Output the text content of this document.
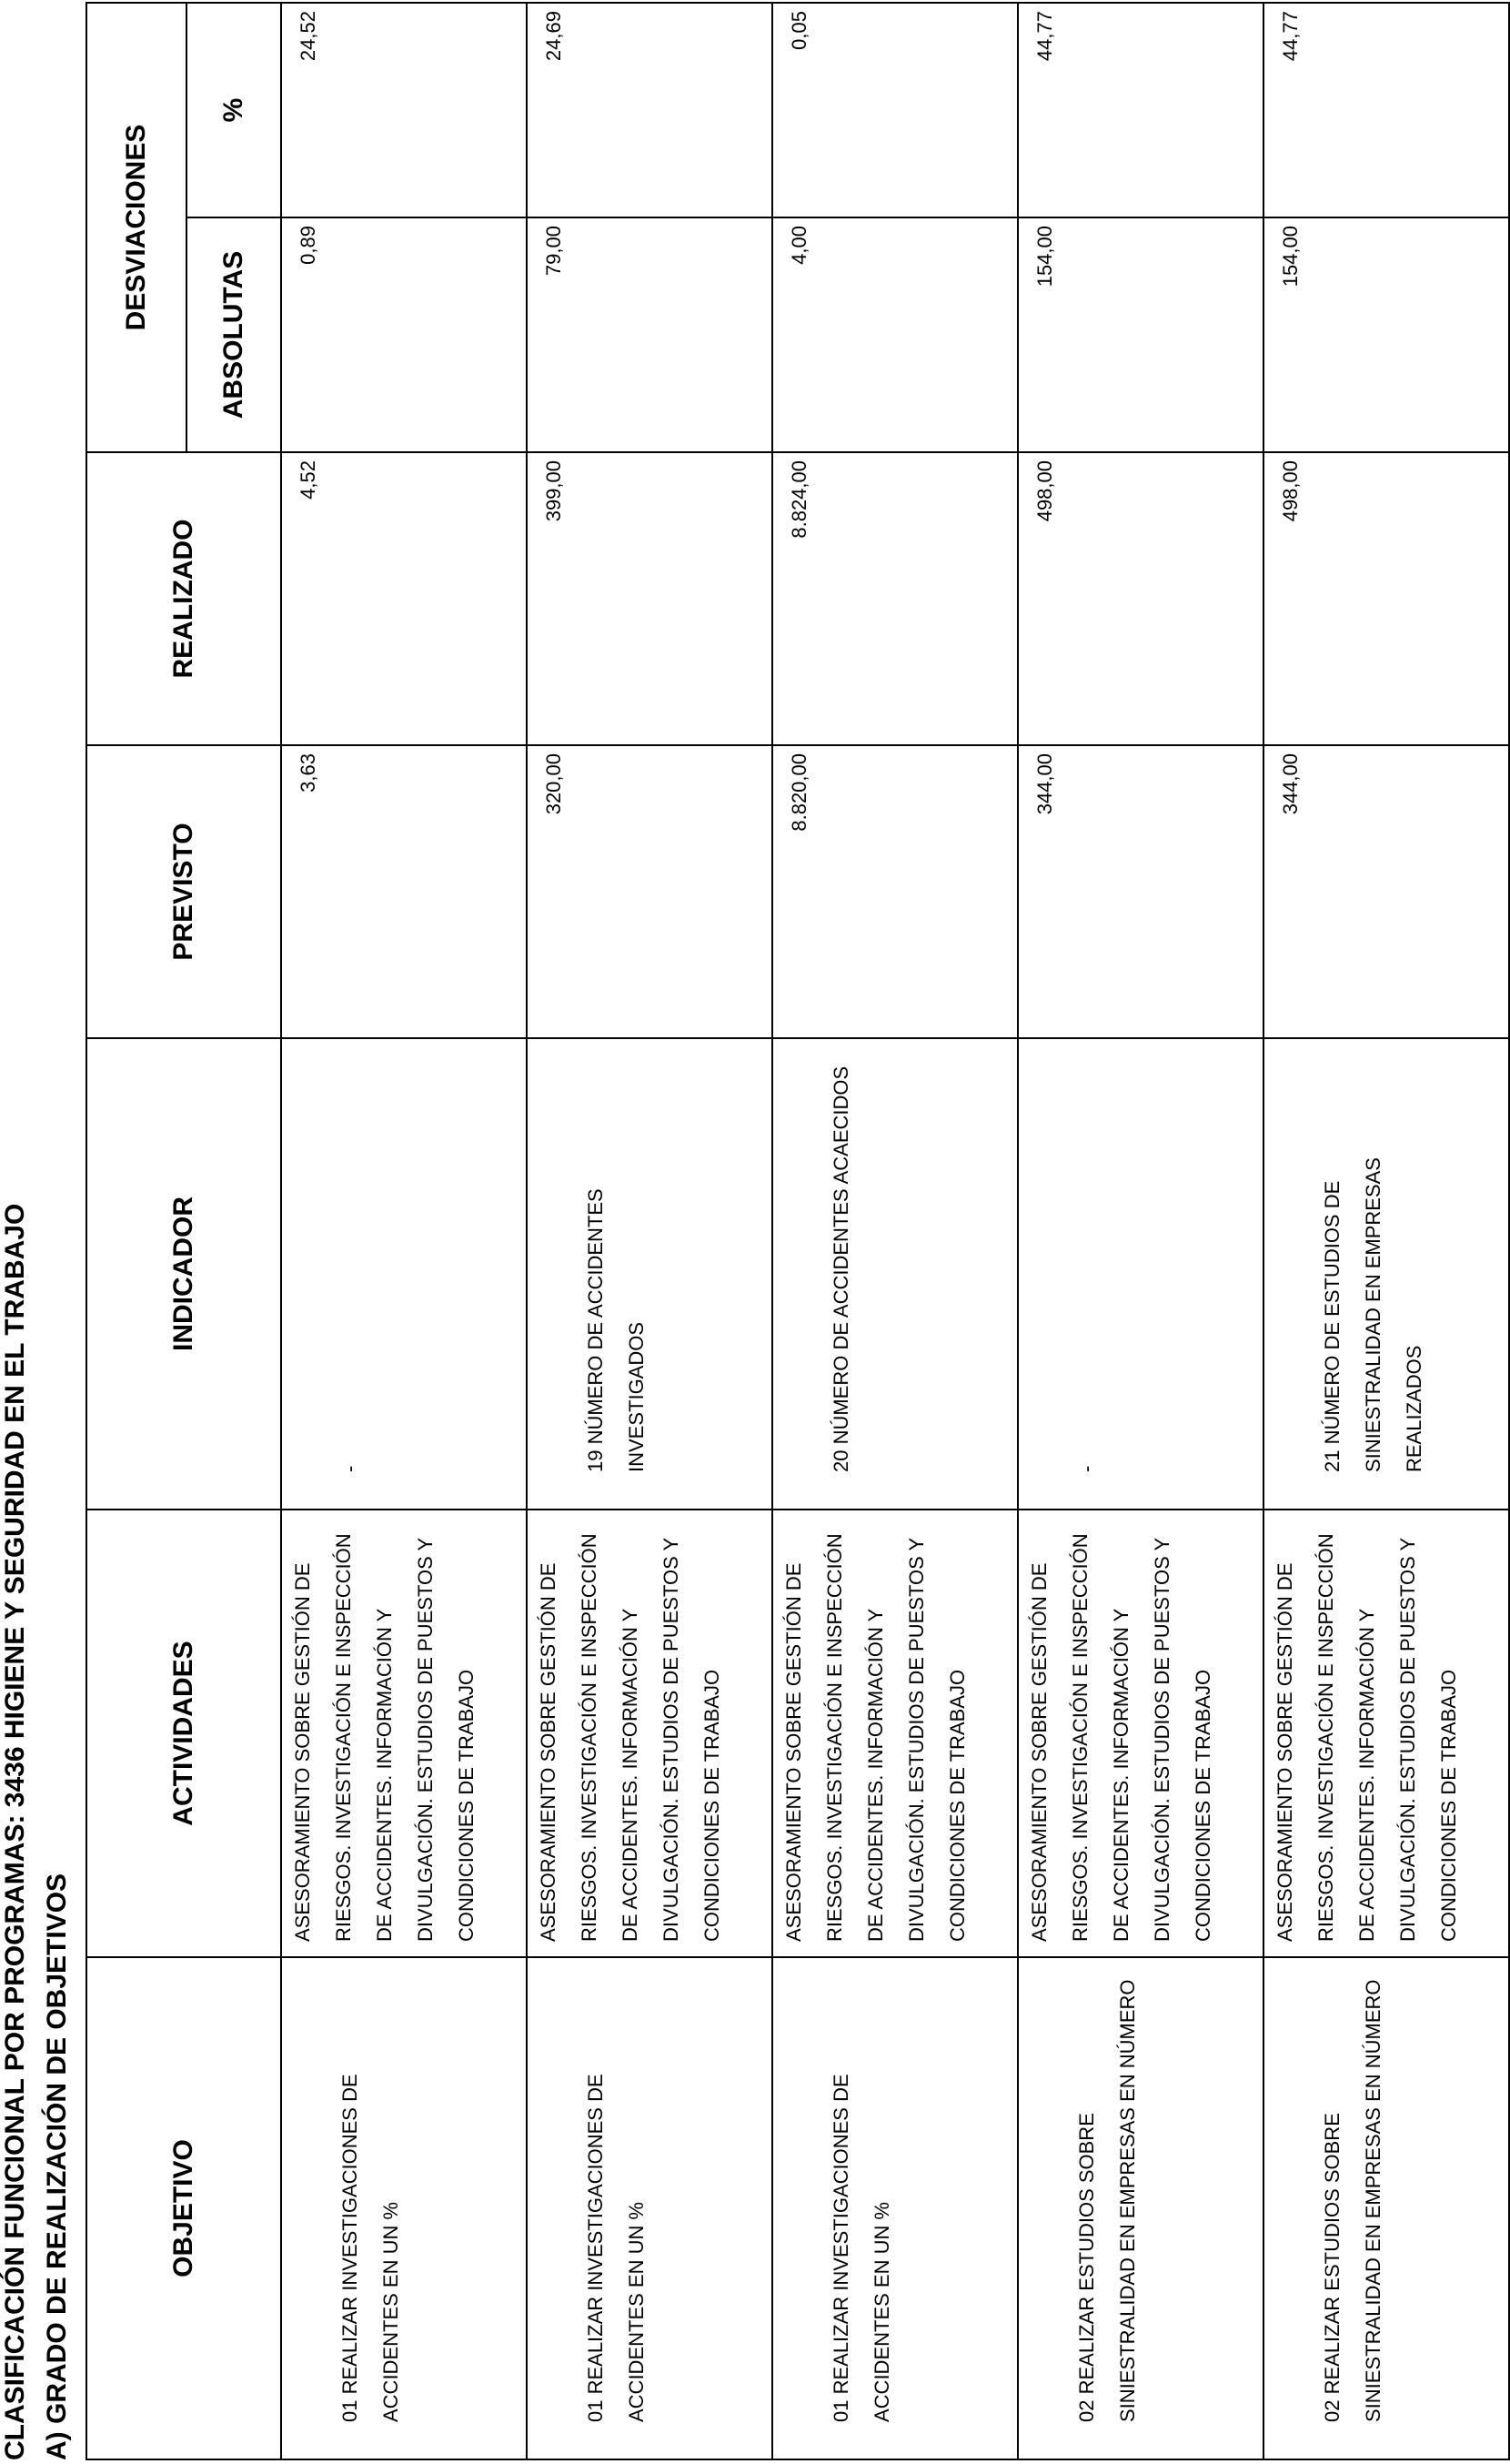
CLASIFICACIÓN FUNCIONAL POR PROGRAMAS: 3436 HIGIENE Y SEGURIDAD EN EL TRABAJO A) GRADO DE REALIZACIÓN DE OBJETIVOS	OBJETIVO	ACTIVIDADES	INDICADOR	PREVISTO	REALIZADO	DESVIACIONES	
					ABSOLUTAS	%

01 REALIZAR INVESTIGACIONES DE ACCIDENTES EN UN %	ASESORAMIENTO SOBRE GESTIÓN DE RIESGOS. INVESTIGACIÓN E INSPECCIÓN DE ACCIDENTES. INFORMACIÓN Y DIVULGACIÓN. ESTUDIOS DE PUESTOS Y CONDICIONES DE TRABAJO	-	3,63	4,52	0,89	24,52

01 REALIZAR INVESTIGACIONES DE ACCIDENTES EN UN %	ASESORAMIENTO SOBRE GESTIÓN DE RIESGOS. INVESTIGACIÓN E INSPECCIÓN DE ACCIDENTES. INFORMACIÓN Y DIVULGACIÓN. ESTUDIOS DE PUESTOS Y CONDICIONES DE TRABAJO	19 NÚMERO DE ACCIDENTES INVESTIGADOS	320,00	399,00	79,00	24,69

01 REALIZAR INVESTIGACIONES DE ACCIDENTES EN UN %	ASESORAMIENTO SOBRE GESTIÓN DE RIESGOS. INVESTIGACIÓN E INSPECCIÓN DE ACCIDENTES. INFORMACIÓN Y DIVULGACIÓN. ESTUDIOS DE PUESTOS Y CONDICIONES DE TRABAJO	20 NÚMERO DE ACCIDENTES ACAECIDOS	8.820,00	8.824,00	4,00	0,05

02 REALIZAR ESTUDIOS SOBRE SINIESTRALIDAD EN EMPRESAS EN NÚMERO	ASESORAMIENTO SOBRE GESTIÓN DE RIESGOS. INVESTIGACIÓN E INSPECCIÓN DE ACCIDENTES. INFORMACIÓN Y DIVULGACIÓN. ESTUDIOS DE PUESTOS Y CONDICIONES DE TRABAJO	-	344,00	498,00	154,00	44,77

02 REALIZAR ESTUDIOS SOBRE SINIESTRALIDAD EN EMPRESAS EN NÚMERO	ASESORAMIENTO SOBRE GESTIÓN DE RIESGOS. INVESTIGACIÓN E INSPECCIÓN DE ACCIDENTES. INFORMACIÓN Y DIVULGACIÓN. ESTUDIOS DE PUESTOS Y CONDICIONES DE TRABAJO	21 NÚMERO DE ESTUDIOS DE SINIESTRALIDAD EN EMPRESAS REALIZADOS	344,00	498,00	154,00	44,77
